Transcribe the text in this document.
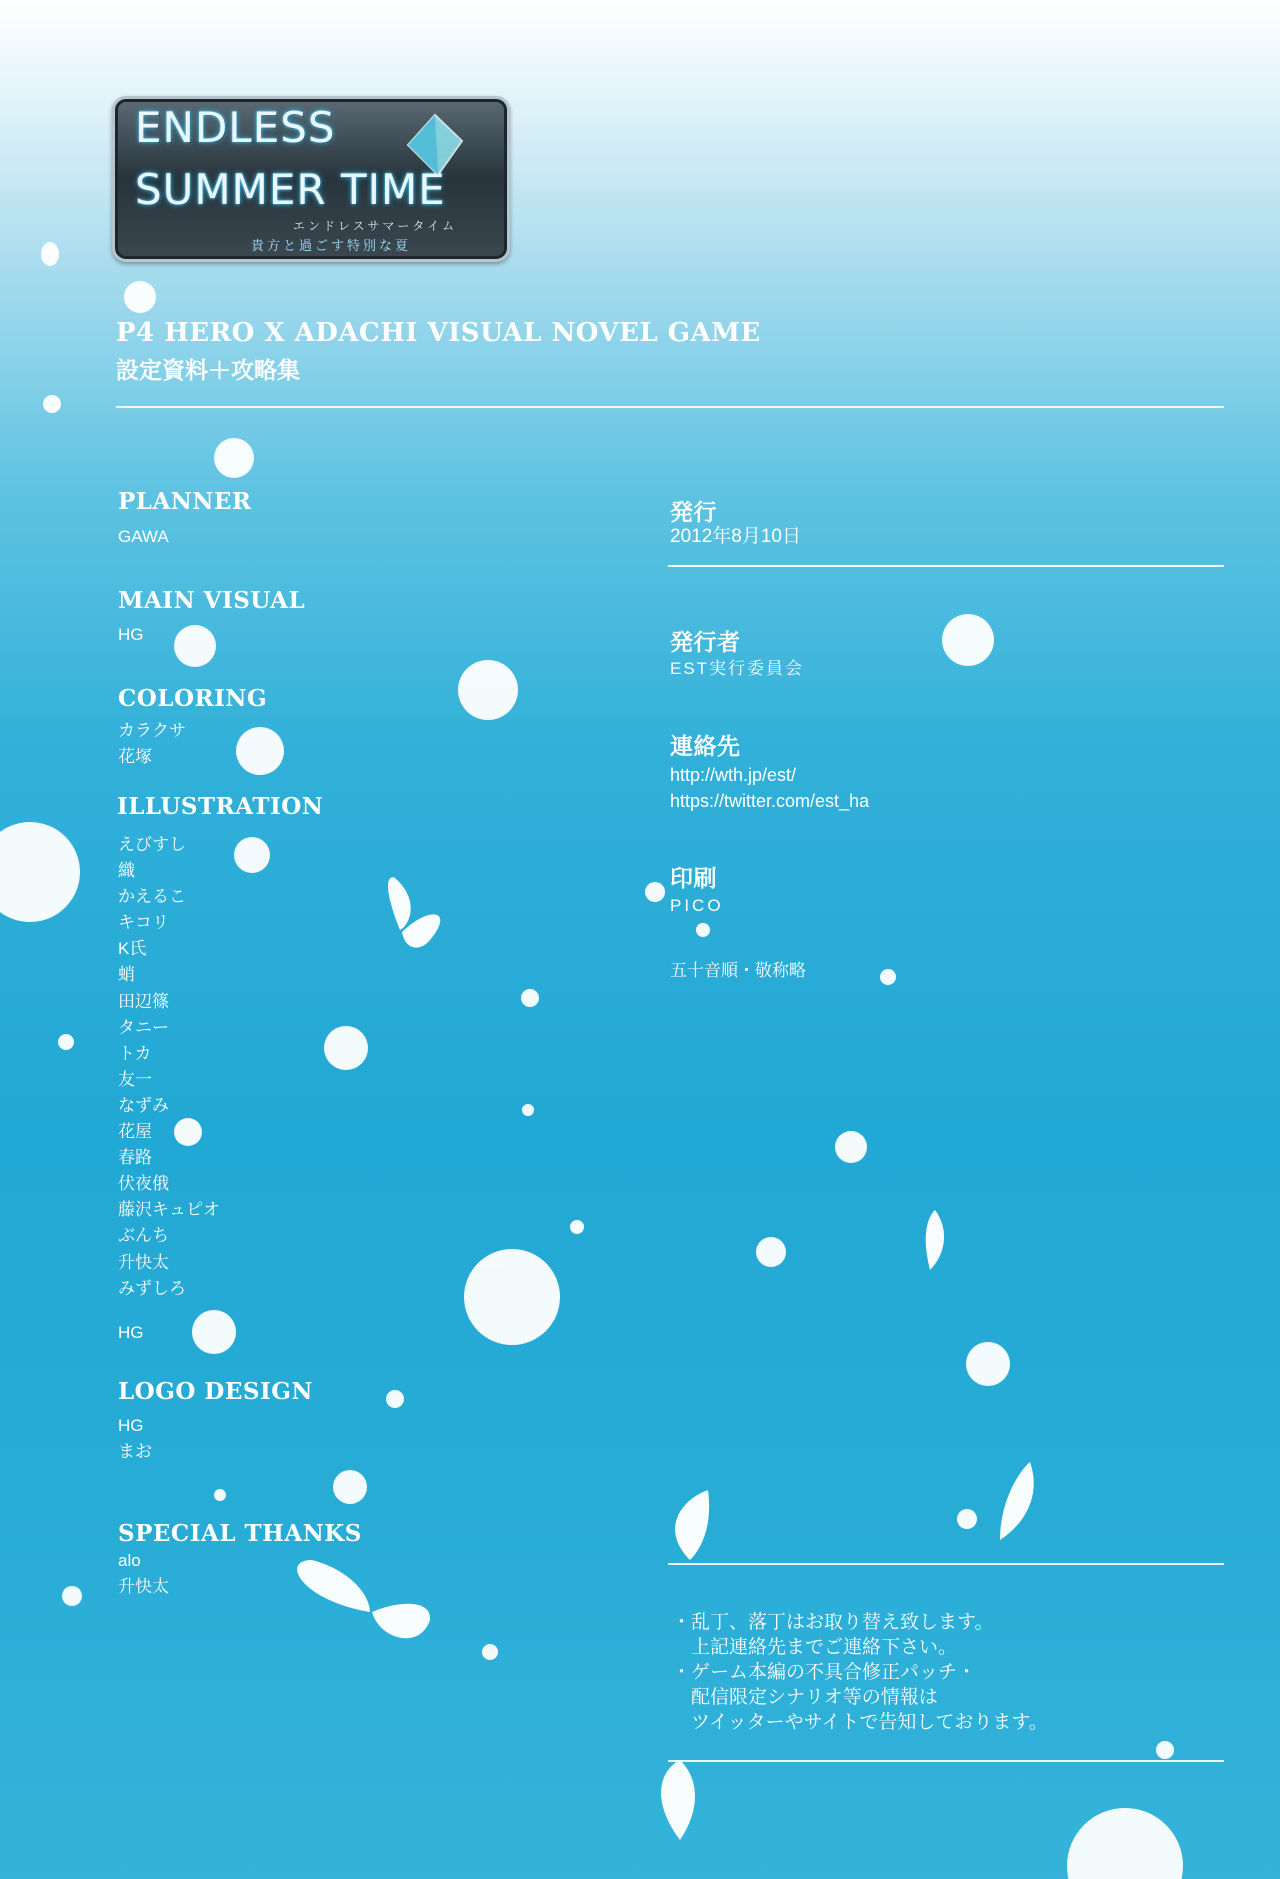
ENDLESS
SUMMER TIME
エンドレスサマータイム
貴方と過ごす特別な夏
P4 HERO X ADACHI VISUAL NOVEL GAME
設定資料＋攻略集
PLANNER
GAWA
MAIN VISUAL
HG
COLORING
カラクサ
花塚
ILLUSTRATION
えびすし
織
かえるこ
キコリ
K氏
蛸
田辺篠
タニー
トカ
友一
なずみ
花屋
春路
伏夜俄
藤沢キュピオ
ぶんち
升快太
みずしろ
HG
LOGO DESIGN
HG
まお
SPECIAL THANKS
alo
升快太
発行
2012年8月10日
発行者
EST実行委員会
連絡先
http://wth.jp/est/
https://twitter.com/est_ha
印刷
PICO
五十音順・敬称略
・乱丁、落丁はお取り替え致します。
　上記連絡先までご連絡下さい。
・ゲーム本編の不具合修正パッチ・
　配信限定シナリオ等の情報は
　ツイッターやサイトで告知しております。
